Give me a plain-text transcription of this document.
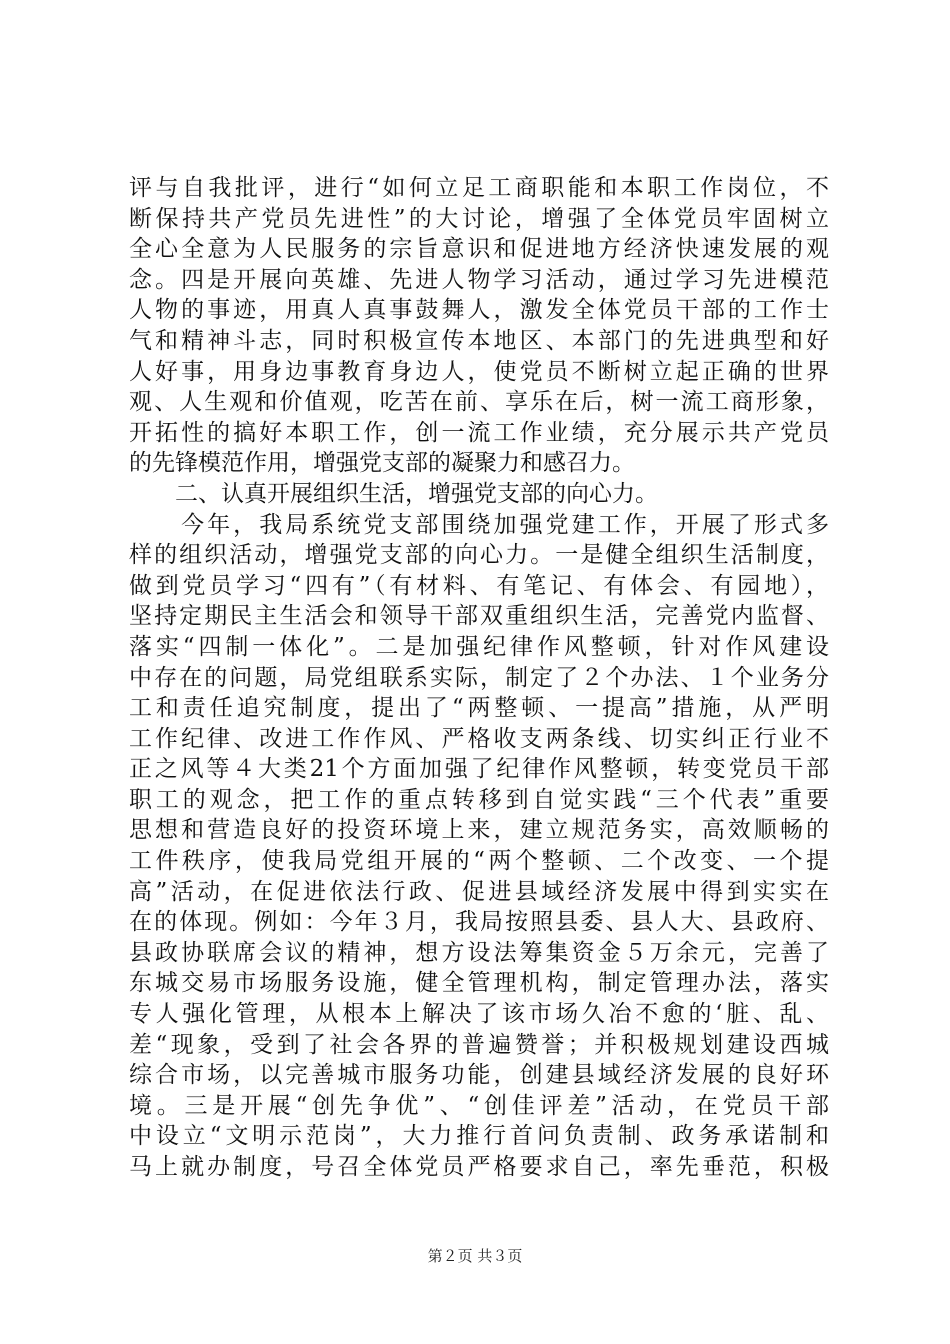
评与自我批评，进行“如何立足工商职能和本职工作岗位，不
断保持共产党员先进性”的大讨论，增强了全体党员牢固树立
全心全意为人民服务的宗旨意识和促进地方经济快速发展的观
念。四是开展向英雄、先进人物学习活动，通过学习先进模范
人物的事迹，用真人真事鼓舞人，激发全体党员干部的工作士
气和精神斗志，同时积极宣传本地区、本部门的先进典型和好
人好事，用身边事教育身边人，使党员不断树立起正确的世界
观、人生观和价值观，吃苦在前、享乐在后，树一流工商形象，
开拓性的搞好本职工作，创一流工作业绩，充分展示共产党员
的先锋模范作用，增强党支部的凝聚力和感召力。
　　二、认真开展组织生活，增强党支部的向心力。
　　今年，我局系统党支部围绕加强党建工作，开展了形式多
样的组织活动，增强党支部的向心力。一是健全组织生活制度，
做到党员学习“四有”（有材料、有笔记、有体会、有园地），
坚持定期民主生活会和领导干部双重组织生活，完善党内监督、
落实“四制一体化”。二是加强纪律作风整顿，针对作风建设
中存在的问题，局党组联系实际，制定了２个办法、１个业务分
工和责任追究制度，提出了“两整顿、一提高”措施，从严明
工作纪律、改进工作作风、严格收支两条线、切实纠正行业不
正之风等４大类21个方面加强了纪律作风整顿，转变党员干部
职工的观念，把工作的重点转移到自觉实践“三个代表”重要
思想和营造良好的投资环境上来，建立规范务实，高效顺畅的
工件秩序，使我局党组开展的“两个整顿、二个改变、一个提
高”活动，在促进依法行政、促进县域经济发展中得到实实在
在的体现。例如：今年３月，我局按照县委、县人大、县政府、
县政协联席会议的精神，想方设法筹集资金５万余元，完善了
东城交易市场服务设施，健全管理机构，制定管理办法，落实
专人强化管理，从根本上解决了该市场久冶不愈的‘脏、乱、
差“现象，受到了社会各界的普遍赞誉；并积极规划建设西城
综合市场，以完善城市服务功能，创建县域经济发展的良好环
境。三是开展“创先争优”、“创佳评差”活动，在党员干部
中设立“文明示范岗”，大力推行首问负责制、政务承诺制和
马上就办制度，号召全体党员严格要求自己，率先垂范，积极
第２页 共３页
